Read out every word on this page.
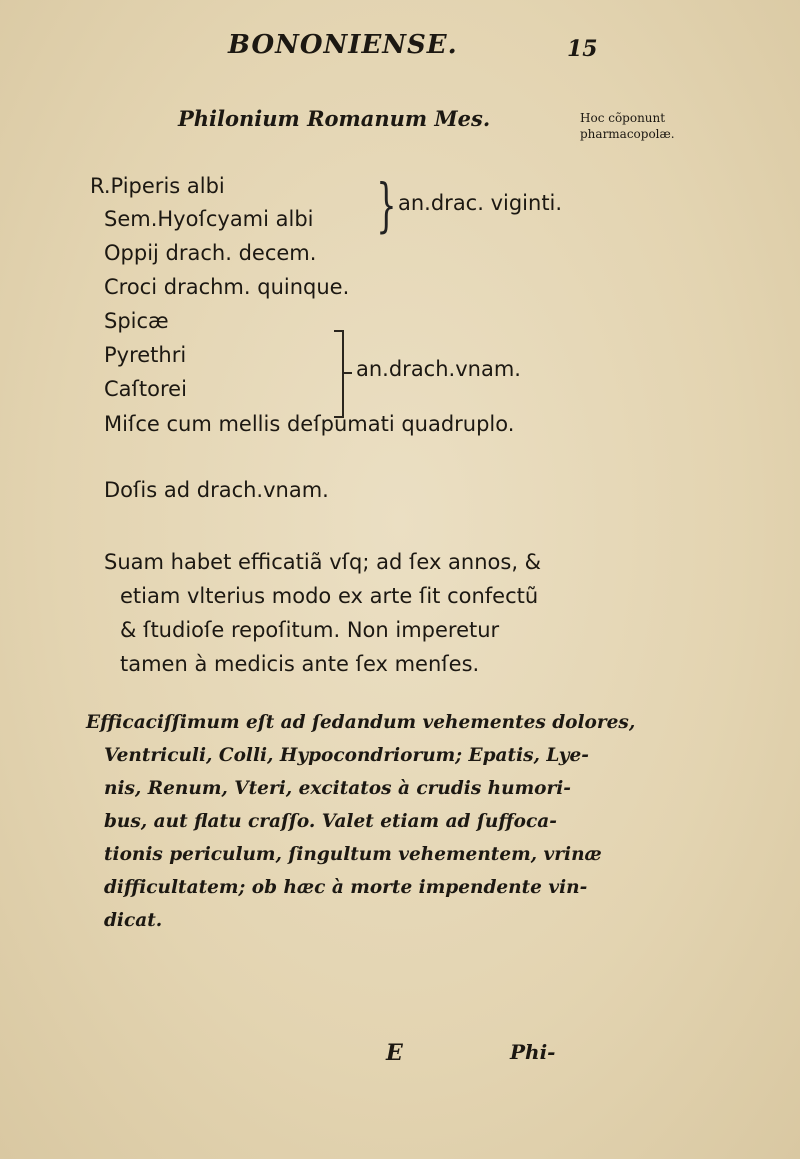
BONONIENSE.	15
Philonium Romanum Mes.	Hoc cõponunt
pharmacopolæ.
R.Piperis albi
Sem.Hyoſcyami albi } an.drac. viginti.
Oppij drach. decem.
Croci drachm. quinque.
Spicæ
Pyrethri
Caſtorei
an.drach.vnam.
Miſce cum mellis deſpumati quadruplo.
Doſis ad drach.vnam.
Suam habet efficatiã vſq; ad ſex annos, &
etiam vlterius modo ex arte ſit confectũ
& ſtudioſe repoſitum. Non imperetur
tamen à medicis ante ſex menſes.
Efficaciſſimum eſt ad ſedandum vehementes dolores,
Ventriculi, Colli, Hypocondriorum; Epatis, Lye-
nis, Renum, Vteri, excitatos à crudis humori-
bus, aut flatu craſſo. Valet etiam ad ſuffoca-
tionis periculum, ſingultum vehementem, vrinæ
difficultatem; ob hæc à morte impendente vin-
dicat.
E	Phi-
